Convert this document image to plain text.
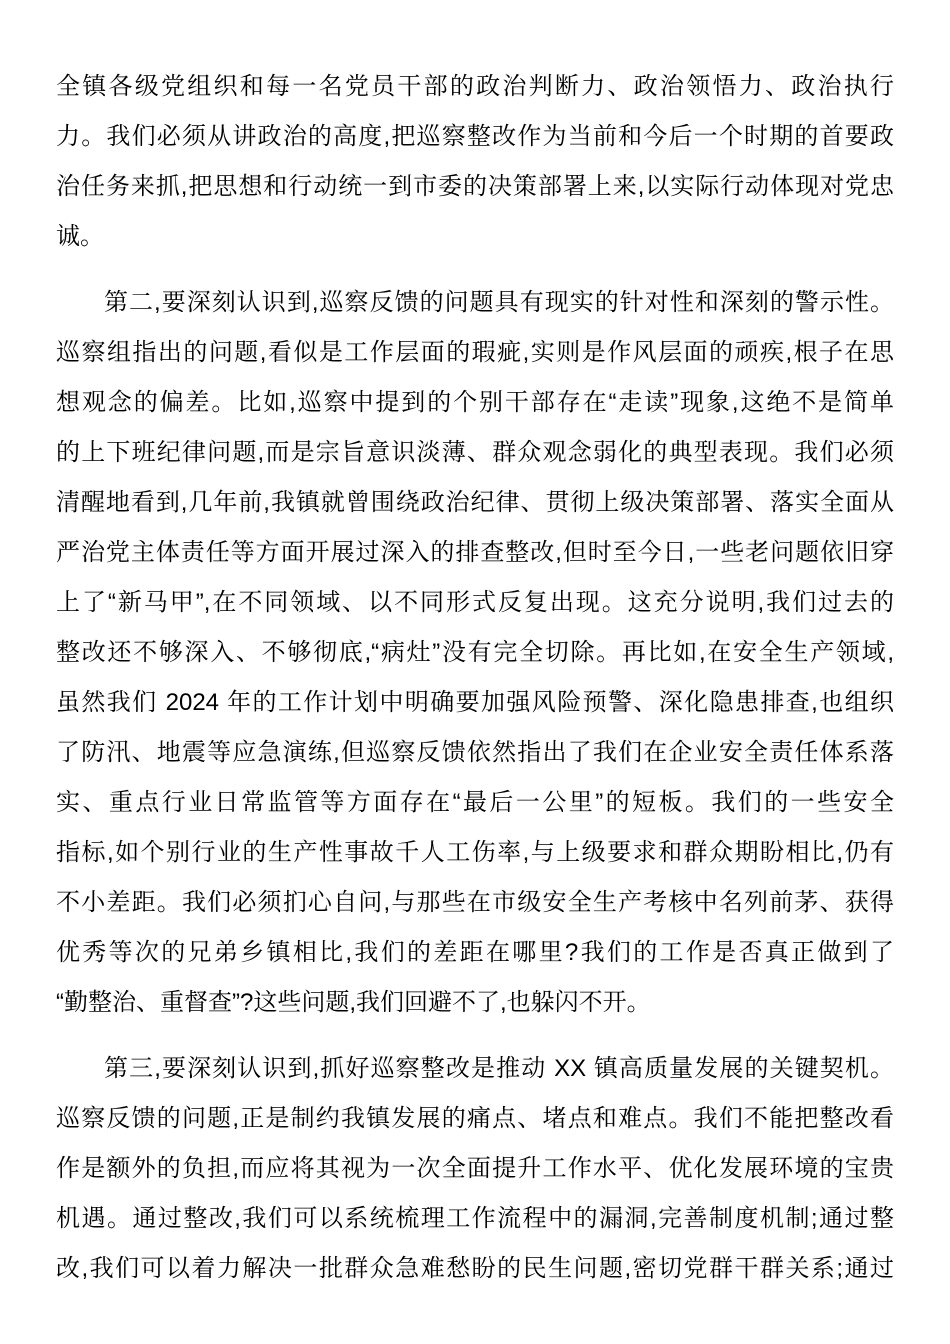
全镇各级党组织和每一名党员干部的政治判断力、政治领悟力、政治执行
力。我们必须从讲政治的高度,把巡察整改作为当前和今后一个时期的首要政
治任务来抓,把思想和行动统一到市委的决策部署上来,以实际行动体现对党忠
诚。

第二,要深刻认识到,巡察反馈的问题具有现实的针对性和深刻的警示性。
巡察组指出的问题,看似是工作层面的瑕疵,实则是作风层面的顽疾,根子在思
想观念的偏差。比如,巡察中提到的个别干部存在“走读”现象,这绝不是简单
的上下班纪律问题,而是宗旨意识淡薄、群众观念弱化的典型表现。我们必须
清醒地看到,几年前,我镇就曾围绕政治纪律、贯彻上级决策部署、落实全面从
严治党主体责任等方面开展过深入的排查整改,但时至今日,一些老问题依旧穿
上了“新马甲”,在不同领域、以不同形式反复出现。这充分说明,我们过去的
整改还不够深入、不够彻底,“病灶”没有完全切除。再比如,在安全生产领域,
虽然我们 2024 年的工作计划中明确要加强风险预警、深化隐患排查,也组织
了防汛、地震等应急演练,但巡察反馈依然指出了我们在企业安全责任体系落
实、重点行业日常监管等方面存在“最后一公里”的短板。我们的一些安全
指标,如个别行业的生产性事故千人工伤率,与上级要求和群众期盼相比,仍有
不小差距。我们必须扪心自问,与那些在市级安全生产考核中名列前茅、获得
优秀等次的兄弟乡镇相比,我们的差距在哪里?我们的工作是否真正做到了
“勤整治、重督查”?这些问题,我们回避不了,也躲闪不开。

第三,要深刻认识到,抓好巡察整改是推动 XX 镇高质量发展的关键契机。
巡察反馈的问题,正是制约我镇发展的痛点、堵点和难点。我们不能把整改看
作是额外的负担,而应将其视为一次全面提升工作水平、优化发展环境的宝贵
机遇。通过整改,我们可以系统梳理工作流程中的漏洞,完善制度机制;通过整
改,我们可以着力解决一批群众急难愁盼的民生问题,密切党群干群关系;通过
